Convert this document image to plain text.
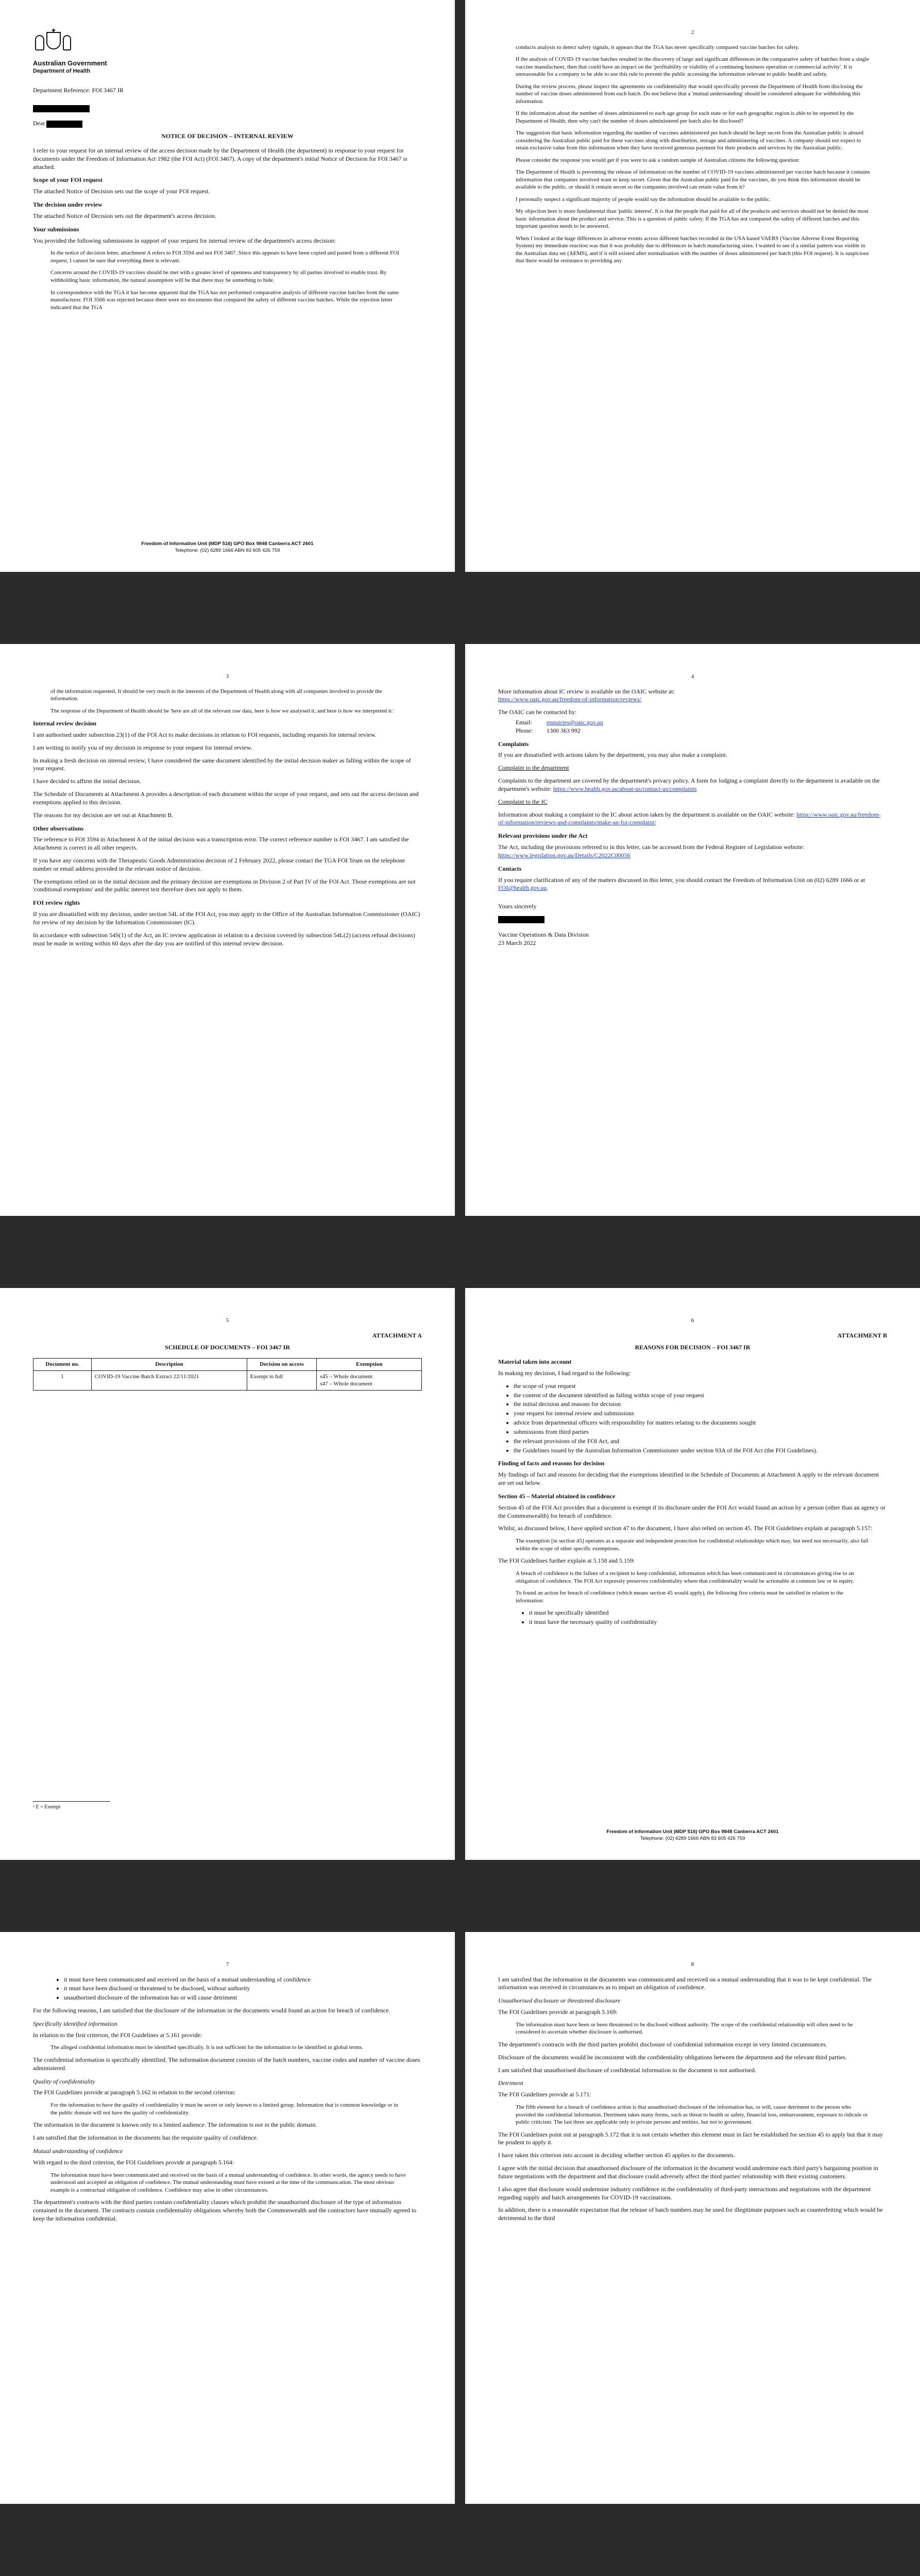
✦
Australian Government
Department of Health

Department Reference: FOI 3467 IR

Dear

NOTICE OF DECISION – INTERNAL REVIEW

I refer to your request for an internal review of the access decision made by the Department of Health (the department) in response to your request for documents under the Freedom of Information Act 1982 (the FOI Act) (FOI 3467). A copy of the department's initial Notice of Decision for FOI 3467 is attached.

Scope of your FOI request

The attached Notice of Decision sets out the scope of your FOI request.

The decision under review

The attached Notice of Decision sets out the department's access decision.

Your submissions

You provided the following submissions in support of your request for internal review of the department's access decision:

In the notice of decision letter, attachment A refers to FOI 3594 and not FOI 3467. Since this appears to have been copied and pasted from a different FOI request, I cannot be sure that everything there is relevant.

Concerns around the COVID-19 vaccines should be met with a greater level of openness and transparency by all parties involved to enable trust. By withholding basic information, the natural assumption will be that there may be something to hide.

In correspondence with the TGA it has become apparent that the TGA has not performed comparative analysis of different vaccine batches from the same manufacturer. FOI 3566 was rejected because there were no documents that compared the safety of different vaccine batches. While the rejection letter indicated that the TGA

Freedom of Information Unit (MDP 516) GPO Box 9848 Canberra ACT 2601
Telephone: (02) 6289 1666 ABN 83 605 426 759
2

conducts analysis to detect safety signals, it appears that the TGA has never specifically compared vaccine batches for safety.

If the analysis of COVID-19 vaccine batches resulted in the discovery of large and significant differences in the comparative safety of batches from a single vaccine manufacturer, then that could have an impact on the 'profitability or viability of a continuing business operation or commercial activity'. It is unreasonable for a company to be able to use this rule to prevent the public accessing the information relevant to public health and safety.

During the review process, please inspect the agreements on confidentiality that would specifically prevent the Department of Health from disclosing the number of vaccine doses administered from each batch. Do not believe that a 'mutual understanding' should be considered adequate for withholding this information.

If the information about the number of doses administered to each age group for each state or for each geographic region is able to be reported by the Department of Health, then why can't the number of doses administered per batch also be disclosed?

The suggestion that basic information regarding the number of vaccines administered per batch should be kept secret from the Australian public is absurd considering the Australian public paid for these vaccines along with distribution, storage and administering of vaccines. A company should not expect to retain exclusive value from this information when they have received generous payment for their products and services by the Australian public.

Please consider the response you would get if you were to ask a random sample of Australian citizens the following question:

The Department of Health is preventing the release of information on the number of COVID-19 vaccines administered per vaccine batch because it contains information that companies involved want to keep secret. Given that the Australian public paid for the vaccines, do you think this information should be available to the public, or should it remain secret so the companies involved can retain value from it?

I personally suspect a significant majority of people would say the information should be available to the public.

My objection here is more fundamental than 'public interest'. It is that the people that paid for all of the products and services should not be denied the most basic information about the product and service. This is a question of public safety. If the TGA has not compared the safety of different batches and this important question needs to be answered.

When I looked at the huge differences in adverse events across different batches recorded in the USA based VAERS (Vaccine Adverse Event Reporting System) my immediate reaction was that it was probably due to differences in batch manufacturing sizes. I wanted to see if a similar pattern was visible in the Australian data set (AEMS), and if it still existed after normalisation with the number of doses administered per batch (this FOI request). It is suspicious that there would be resistance to providing any

3

of the information requested. It should be very much in the interests of the Department of Health along with all companies involved to provide the information.

The response of the Department of Health should be 'here are all of the relevant raw data, here is how we analysed it, and here is how we interpreted it.'

Internal review decision

I am authorised under subsection 23(1) of the FOI Act to make decisions in relation to FOI requests, including requests for internal review.

I am writing to notify you of my decision in response to your request for internal review.

In making a fresh decision on internal review, I have considered the same document identified by the initial decision maker as falling within the scope of your request.

I have decided to affirm the initial decision.

The Schedule of Documents at Attachment A provides a description of each document within the scope of your request, and sets out the access decision and exemptions applied to this decision.

The reasons for my decision are set out at Attachment B.

Other observations

The reference to FOI 3594 in Attachment A of the initial decision was a transcription error. The correct reference number is FOI 3467. I am satisfied the Attachment is correct in all other respects.

If you have any concerns with the Therapeutic Goods Administration decision of 2 February 2022, please contact the TGA FOI Team on the telephone number or email address provided in the relevant notice of decision.

The exemptions relied on in the initial decision and the primary decision are exemptions in Division 2 of Part IV of the FOI Act. Those exemptions are not 'conditional exemptions' and the public interest test therefore does not apply to them.

FOI review rights

If you are dissatisfied with my decision, under section 54L of the FOI Act, you may apply to the Office of the Australian Information Commissioner (OAIC) for review of my decision by the Information Commissioner (IC).

In accordance with subsection 54S(1) of the Act, an IC review application in relation to a decision covered by subsection 54L(2) (access refusal decisions) must be made in writing within 60 days after the day you are notified of this internal review decision.

4

More information about IC review is available on the OAIC website at:
https://www.oaic.gov.au/freedom-of-information/reviews/

The OAIC can be contacted by:

Email:	enquiries@oaic.gov.au
Phone:	1300 363 992
Complaints

If you are dissatisfied with actions taken by the department, you may also make a complaint.

Complaint to the department

Complaints to the department are covered by the department's privacy policy. A form for lodging a complaint directly to the department is available on the department's website: https://www.health.gov.au/about-us/contact-us/complaints

Complaint to the IC

Information about making a complaint to the IC about action taken by the department is available on the OAIC website: https://www.oaic.gov.au/freedom-of-information/reviews-and-complaints/make-an-foi-complaint/

Relevant provisions under the Act

The Act, including the provisions referred to in this letter, can be accessed from the Federal Register of Legislation website: https://www.legislation.gov.au/Details/C2022C00056

Contacts

If you require clarification of any of the matters discussed in this letter, you should contact the Freedom of Information Unit on (02) 6289 1666 or at FOI@health.gov.au.

Yours sincerely

Vaccine Operations & Data Division
23 March 2022
5
ATTACHMENT A
SCHEDULE OF DOCUMENTS – FOI 3467 IR
Document no.	Description	Decision on access	Exemption
1	COVID-19 Vaccine Batch Extract 22/11/2021	Exempt in full	s45 – Whole document
s47 – Whole document
¹ E = Exempt
6
ATTACHMENT B
REASONS FOR DECISION – FOI 3467 IR
Material taken into account

In making my decision, I had regard to the following:

• the scope of your request
• the content of the document identified as falling within scope of your request
• the initial decision and reasons for decision
• your request for internal review and submissions
• advice from departmental officers with responsibility for matters relating to the documents sought
• submissions from third parties
• the relevant provisions of the FOI Act, and
• the Guidelines issued by the Australian Information Commissioner under section 93A of the FOI Act (the FOI Guidelines).
Finding of facts and reasons for decision

My findings of fact and reasons for deciding that the exemptions identified in the Schedule of Documents at Attachment A apply to the relevant document are set out below.

Section 45 – Material obtained in confidence

Section 45 of the FOI Act provides that a document is exempt if its disclosure under the FOI Act would found an action by a person (other than an agency or the Commonwealth) for breach of confidence.

Whilst, as discussed below, I have applied section 47 to the document, I have also relied on section 45. The FOI Guidelines explain at paragraph 5.157:

The exemption [in section 45] operates as a separate and independent protection for confidential relationships which may, but need not necessarily, also fall within the scope of other specific exemptions.

The FOI Guidelines further explain at 5.158 and 5.159:

A breach of confidence is the failure of a recipient to keep confidential, information which has been communicated in circumstances giving rise to an obligation of confidence. The FOI Act expressly preserves confidentiality where that confidentiality would be actionable at common law or in equity.

To found an action for breach of confidence (which means section 45 would apply), the following five criteria must be satisfied in relation to the information:

• it must be specifically identified
• it must have the necessary quality of confidentiality
Freedom of Information Unit (MDP 516) GPO Box 9848 Canberra ACT 2601
Telephone: (02) 6289 1666 ABN 83 605 426 759
7
• it must have been communicated and received on the basis of a mutual understanding of confidence
• it must have been disclosed or threatened to be disclosed, without authority
• unauthorised disclosure of the information has or will cause detriment

For the following reasons, I am satisfied that the disclosure of the information in the documents would found an action for breach of confidence.

Specifically identified information

In relation to the first criterion, the FOI Guidelines at 5.161 provide:

The alleged confidential information must be identified specifically. It is not sufficient for the information to be identified in global terms.

The confidential information is specifically identified. The information document consists of the batch numbers, vaccine codes and number of vaccine doses administered.

Quality of confidentiality

The FOI Guidelines provide at paragraph 5.162 in relation to the second criterion:

For the information to have the quality of confidentiality it must be secret or only known to a limited group. Information that is common knowledge or in the public domain will not have the quality of confidentiality.

The information in the document is known only to a limited audience. The information is not in the public domain.

I am satisfied that the information in the documents has the requisite quality of confidence.

Mutual understanding of confidence

With regard to the third criterion, the FOI Guidelines provide at paragraph 5.164:

The information must have been communicated and received on the basis of a mutual understanding of confidence. In other words, the agency needs to have understood and accepted an obligation of confidence. The mutual understanding must have existed at the time of the communication. The most obvious example is a contractual obligation of confidence. Confidence may arise in other circumstances.

The department's contracts with the third parties contain confidentiality clauses which prohibit the unauthorised disclosure of the type of information contained in the document. The contracts contain confidentiality obligations whereby both the Commonwealth and the contractors have mutually agreed to keep the information confidential.

8

I am satisfied that the information in the documents was communicated and received on a mutual understanding that it was to be kept confidential. The information was received in circumstances as to impart an obligation of confidence.

Unauthorised disclosure or threatened disclosure

The FOI Guidelines provide at paragraph 5.169:

The information must have been or been threatened to be disclosed without authority. The scope of the confidential relationship will often need to be considered to ascertain whether disclosure is authorised.

The department's contracts with the third parties prohibit disclosure of confidential information except in very limited circumstances.

Disclosure of the documents would be inconsistent with the confidentiality obligations between the department and the relevant third parties.

I am satisfied that unauthorised disclosure of confidential information in the document is not authorised.

Detriment

The FOI Guidelines provide at 5.171:

The fifth element for a breach of confidence action is that unauthorised disclosure of the information has, or will, cause detriment to the person who provided the confidential information. Detriment takes many forms, such as threat to health or safety, financial loss, embarrassment, exposure to ridicule or public criticism. The last three are applicable only to private persons and entities, but not to government.

The FOI Guidelines point out at paragraph 5.172 that it is not certain whether this element must in fact be established for section 45 to apply but that it may be prudent to apply it.

I have taken this criterion into account in deciding whether section 45 applies to the documents.

I agree with the initial decision that unauthorised disclosure of the information in the document would undermine each third party's bargaining position in future negotiations with the department and that disclosure could adversely affect the third parties' relationship with their existing customers.

I also agree that disclosure would undermine industry confidence in the confidentiality of third-party interactions and negotiations with the department regarding supply and batch arrangements for COVID-19 vaccinations.

In addition, there is a reasonable expectation that the release of batch numbers may be used for illegitimate purposes such as counterfeiting which would be detrimental to the third
